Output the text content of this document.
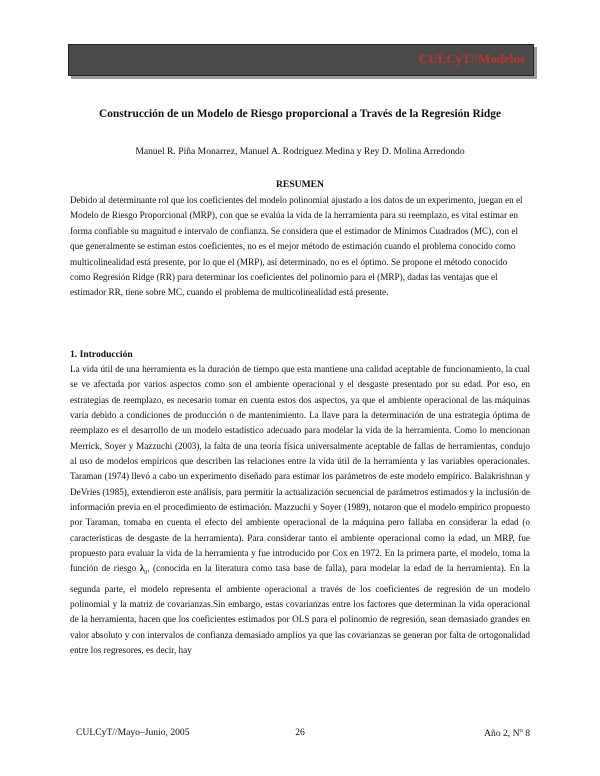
CULCyT//Modelos
Construcción de un Modelo de Riesgo proporcional a Través de la Regresión Ridge
Manuel R. Piña Monarrez, Manuel A. Rodríguez Medina y Rey D. Molina Arredondo
RESUMEN
Debido al determinante rol que los coeficientes del modelo polinomial ajustado a los datos de un experimento, juegan en el Modelo de Riesgo Proporcional (MRP), con que se evalúa la vida de la herramienta para su reemplazo, es vital estimar en forma confiable su magnitud e intervalo de confianza. Se considera que el estimador de Mínimos Cuadrados (MC), con el que generalmente se estiman estos coeficientes, no es el mejor método de estimación cuando el problema conocido como multicolinealidad está presente, por lo que el (MRP), así determinado, no es el óptimo. Se propone el método conocido como Regresión Ridge (RR) para determinar los coeficientes del polinomio para el (MRP), dadas las ventajas que el estimador RR, tiene sobre MC, cuando el problema de multicolinealidad está presente.
1. Introducción
La vida útil de una herramienta es la duración de tiempo que esta mantiene una calidad aceptable de funcionamiento, la cual se ve afectada por varios aspectos como son el ambiente operacional y el desgaste presentado por su edad. Por eso, en estrategias de reemplazo, es necesario tomar en cuenta estos dos aspectos, ya que el ambiente operacional de las máquinas varía debido a condiciones de producción o de mantenimiento. La llave para la determinación de una estrategia óptima de reemplazo es el desarrollo de un modelo estadístico adecuado para modelar la vida de la herramienta. Como lo mencionan Merrick, Soyer y Mazzuchi (2003), la falta de una teoría física universalmente aceptable de fallas de herramientas, condujo al uso de modelos empíricos que describen las relaciones entre la vida útil de la herramienta y las variables operacionales. Taraman (1974) llevó a cabo un experimento diseñado para estimar los parámetros de este modelo empírico. Balakrishnan y DeVries (1985), extendieron este análisis, para permitir la actualización secuencial de parámetros estimados y la inclusión de información previa en el procedimiento de estimación. Mazzuchi y Soyer (1989), notaron que el modelo empírico propuesto por Taraman, tomaba en cuenta el efecto del ambiente operacional de la máquina pero fallaba en considerar la edad (o características de desgaste de la herramienta). Para considerar tanto el ambiente operacional como la edad, un MRP, fue propuesto para evaluar la vida de la herramienta y fue introducido por Cox en 1972. En la primera parte, el modelo, toma la función de riesgo $\lambda_0$, (conocida en la literatura como tasa base de falla), para modelar la edad de la herramienta). En la segunda parte, el modelo representa el ambiente operacional a través de los coeficientes de regresión de un modelo polinomial y la matriz de covarianzas.Sin embargo, estas covarianzas entre los factores que determinan la vida operacional de la herramienta, hacen que los coeficientes estimados por OLS para el polinomio de regresión, sean demasiado grandes en valor absoluto y con intervalos de confianza demasiado amplios ya que las covarianzas se generan por falta de ortogonalidad entre los regresores, es decir, hay
CULCyT//Mayo–Junio, 2005	26	Año 2, $N^o$ 8
